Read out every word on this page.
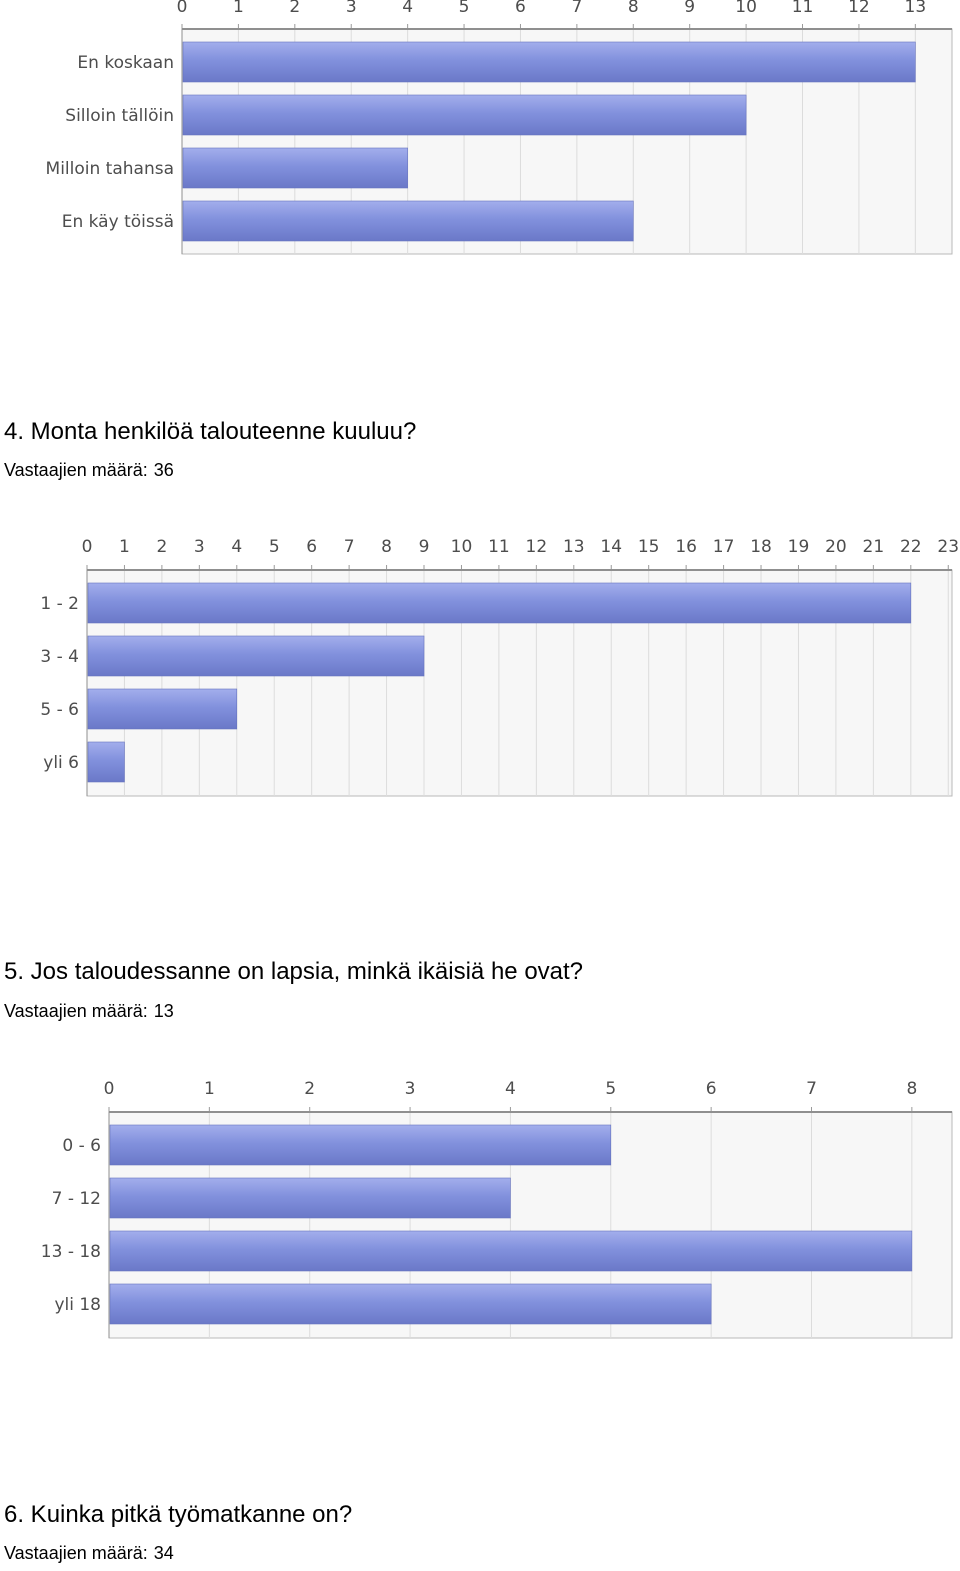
0	1	2	3	4	5	6	7	8	9 10 11 12 13
En koskaan
Silloin tällöin
Milloin tahansa
En käy töissä
4. Monta henkilöä talouteenne kuuluu?

Vastaajien määrä: 36

0 1 2 3 4 5 6 7 8 9 10 11 12 13 14 15 16 17 18 19 20 21 22 23
1 - 2
3 - 4
5 - 6
yli 6
5. Jos taloudessanne on lapsia, minkä ikäisiä he ovat?

Vastaajien määrä: 13

0	1	2	3	4	5	6	7	8
0 - 6
7 - 12
13 - 18
yli 18
6. Kuinka pitkä työmatkanne on?

Vastaajien määrä: 34
